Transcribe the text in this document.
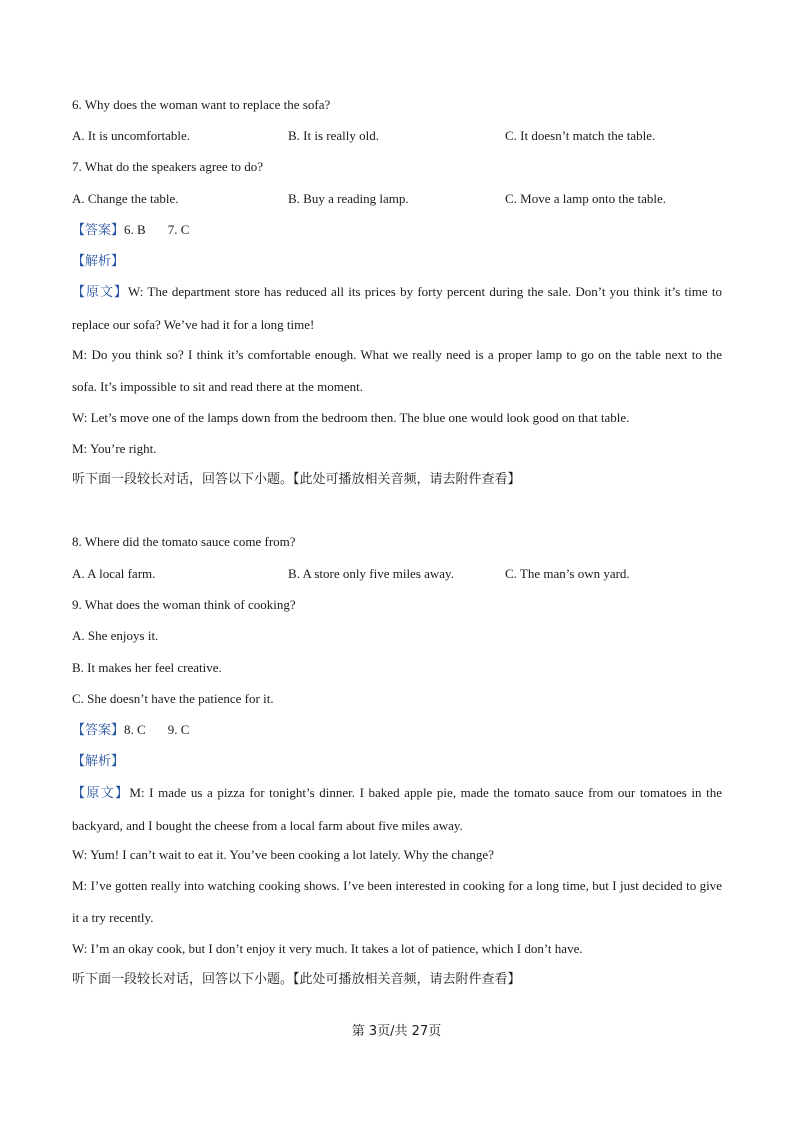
6. Why does the woman want to replace the sofa?
A. It is uncomfortable.	B. It is really old.	C. It doesn’t match the table.
7. What do the speakers agree to do?
A. Change the table.	B. Buy a reading lamp.	C. Move a lamp onto the table.
【答案】6. B 7. C
【解析】
【原文】W: The department store has reduced all its prices by forty percent during the sale. Don’t you think it’s time to replace our sofa? We’ve had it for a long time!
M: Do you think so? I think it’s comfortable enough. What we really need is a proper lamp to go on the table next to the sofa. It’s impossible to sit and read there at the moment.
W: Let’s move one of the lamps down from the bedroom then. The blue one would look good on that table.
M: You’re right.
听下面一段较长对话，回答以下小题。【此处可播放相关音频，请去附件查看】
8. Where did the tomato sauce come from?
A. A local farm.	B. A store only five miles away.	C. The man’s own yard.
9. What does the woman think of cooking?
A. She enjoys it.
B. It makes her feel creative.
C. She doesn’t have the patience for it.
【答案】8. C 9. C
【解析】
【原文】M: I made us a pizza for tonight’s dinner. I baked apple pie, made the tomato sauce from our tomatoes in the backyard, and I bought the cheese from a local farm about five miles away.
W: Yum! I can’t wait to eat it. You’ve been cooking a lot lately. Why the change?
M: I’ve gotten really into watching cooking shows. I’ve been interested in cooking for a long time, but I just decided to give it a try recently.
W: I’m an okay cook, but I don’t enjoy it very much. It takes a lot of patience, which I don’t have.
听下面一段较长对话，回答以下小题。【此处可播放相关音频，请去附件查看】
第 3页/共 27页
